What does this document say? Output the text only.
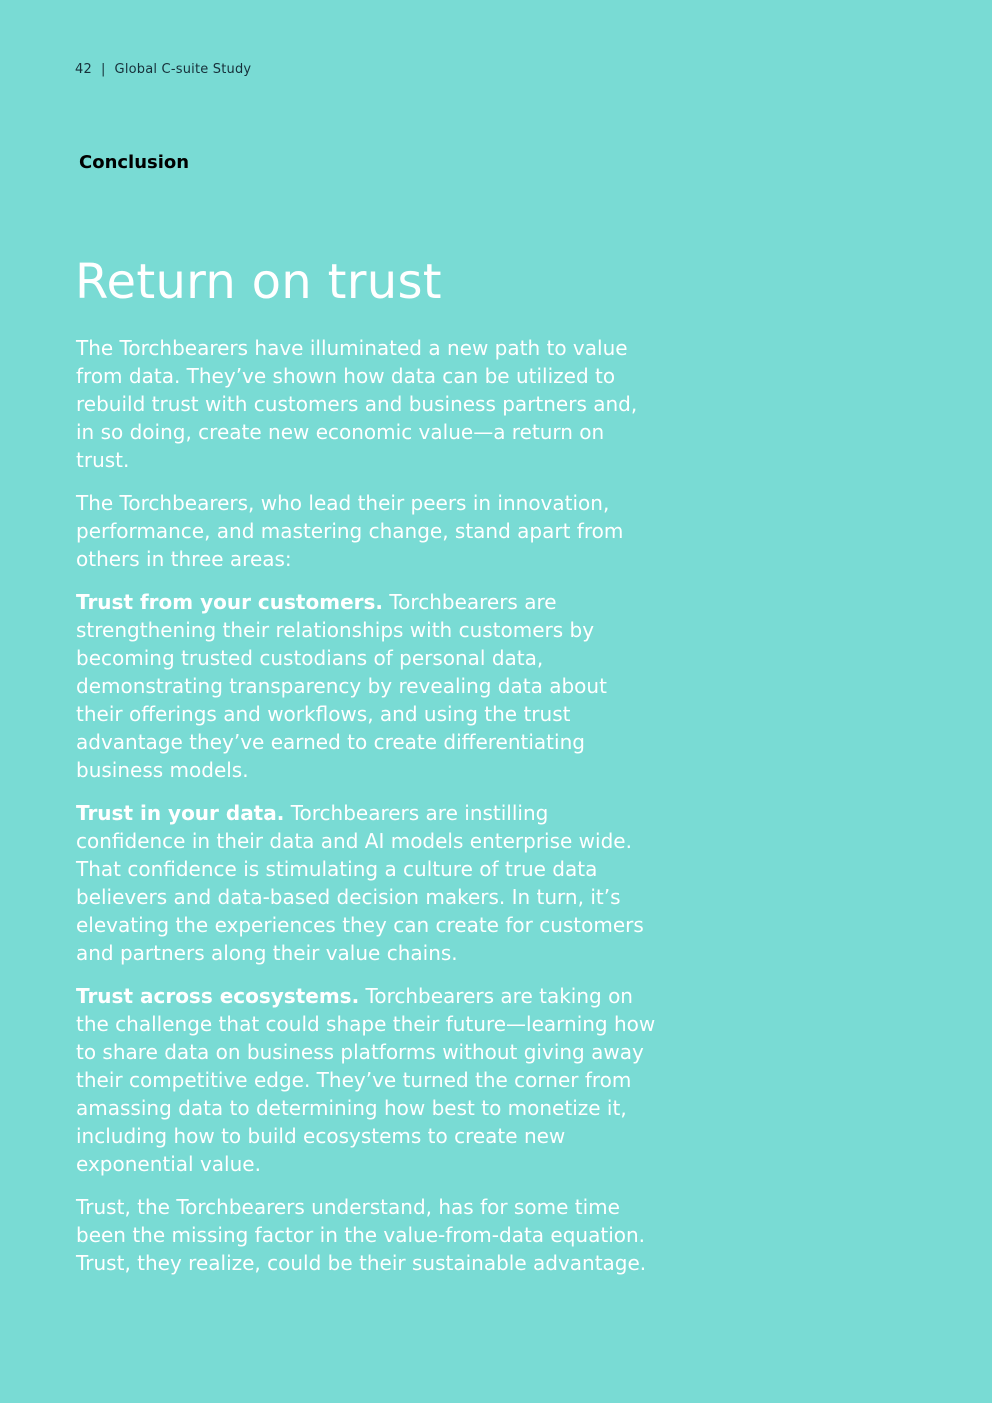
42 | Global C-suite Study
Conclusion
Return on trust

The Torchbearers have illuminated a new path to value from data. They’ve shown how data can be utilized to rebuild trust with customers and business partners and, in so doing, create new economic value—a return on trust.

The Torchbearers, who lead their peers in innovation, performance, and mastering change, stand apart from others in three areas:

Trust from your customers. Torchbearers are strengthening their relationships with customers by becoming trusted custodians of personal data, demonstrating transparency by revealing data about their offerings and workflows, and using the trust advantage they’ve earned to create differentiating business models.

Trust in your data. Torchbearers are instilling confidence in their data and AI models enterprise wide. That confidence is stimulating a culture of true data believers and data-based decision makers. In turn, it’s elevating the experiences they can create for customers and partners along their value chains.

Trust across ecosystems. Torchbearers are taking on the challenge that could shape their future—learning how to share data on business platforms without giving away their competitive edge. They’ve turned the corner from amassing data to determining how best to monetize it, including how to build ecosystems to create new exponential value.

Trust, the Torchbearers understand, has for some time been the missing factor in the value-from-data equation. Trust, they realize, could be their sustainable advantage.
